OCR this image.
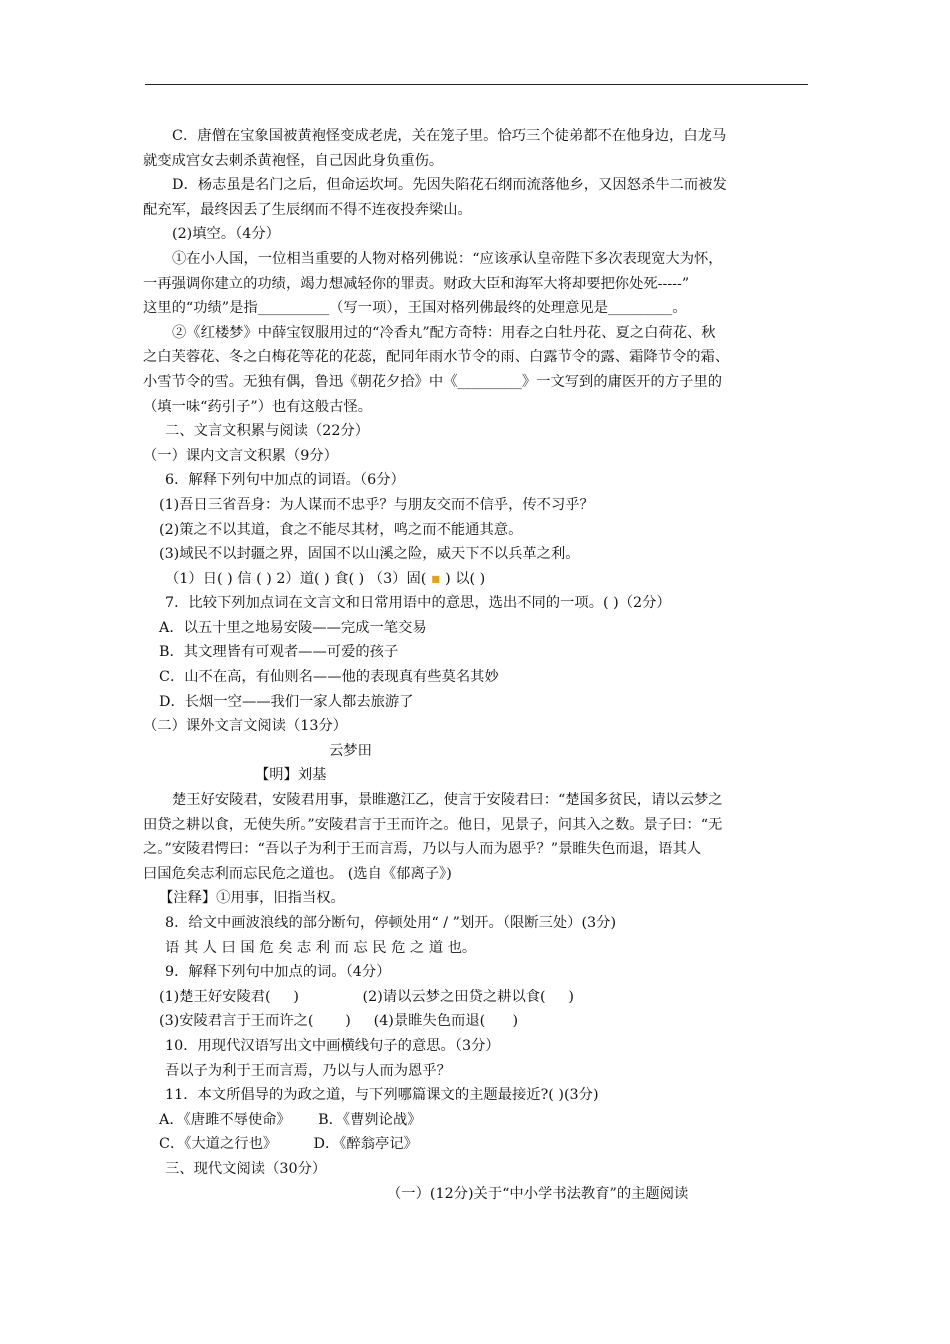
C．唐僧在宝象国被黄袍怪变成老虎，关在笼子里。恰巧三个徒弟都不在他身边，白龙马

就变成宫女去刺杀黄袍怪，自己因此身负重伤。

D．杨志虽是名门之后，但命运坎坷。先因失陷花石纲而流落他乡，又因怒杀牛二而被发

配充军，最终因丢了生辰纲而不得不连夜投奔梁山。

(2)填空。（4分）

①在小人国，一位相当重要的人物对格列佛说：“应该承认皇帝陛下多次表现宽大为怀，

一再强调你建立的功绩，竭力想减轻你的罪责。财政大臣和海军大将却要把你处死-----”

这里的“功绩”是指__________（写一项），王国对格列佛最终的处理意见是_________。

②《红楼梦》中薛宝钗服用过的“冷香丸”配方奇特：用春之白牡丹花、夏之白荷花、秋

之白芙蓉花、冬之白梅花等花的花蕊，配同年雨水节令的雨、白露节令的露、霜降节令的霜、

小雪节令的雪。无独有偶，鲁迅《朝花夕拾》中《_________》一文写到的庸医开的方子里的

（填一味“药引子”）也有这般古怪。

二、文言文积累与阅读（22分）

（一）课内文言文积累（9分）

6．解释下列句中加点的词语。（6分）

(1)吾日三省吾身：为人谋而不忠乎？与朋友交而不信乎，传不习乎？

(2)策之不以其道，食之不能尽其材，鸣之而不能通其意。

(3)域民不以封疆之界，固国不以山溪之险，威天下不以兵革之利。

（1）日( ) 信 ( ) 2）道( ) 食( ) （3）固( ▪ ) 以( )

7．比较下列加点词在文言文和日常用语中的意思，选出不同的一项。( )（2分）

A．以五十里之地易安陵——完成一笔交易

B．其文理皆有可观者——可爱的孩子

C．山不在高，有仙则名——他的表现真有些莫名其妙

D．长烟一空——我们一家人都去旅游了

（二）课外文言文阅读（13分）

云梦田

【明】刘基

楚王好安陵君，安陵君用事，景睢邀江乙，使言于安陵君曰：“楚国多贫民，请以云梦之

田贷之耕以食，无使失所。”安陵君言于王而许之。他日，见景子，问其入之数。景子曰：“无

之。”安陵君愕曰：“吾以子为利于王而言焉，乃以与人而为恩乎？”景睢失色而退，语其人

曰国危矣志利而忘民危之道也。 (选自《郁离子》)

【注释】①用事，旧指当权。

8．给文中画波浪线的部分断句，停顿处用“ / ”划开。（限断三处）(3分)

语 其 人 曰 国 危 矣 志 利 而 忘 民 危 之 道 也。

9．解释下列句中加点的词。（4分）

(1)楚王好安陵君(     )              (2)请以云梦之田贷之耕以食(     )

(3)安陵君言于王而许之(       )     (4)景睢失色而退(      )

10．用现代汉语写出文中画横线句子的意思。（3分）

吾以子为利于王而言焉，乃以与人而为恩乎？

11．本文所倡导的为政之道，与下列哪篇课文的主题最接近?( )(3分)

A．《唐雎不辱使命》      B．《曹刿论战》

C．《大道之行也》        D．《醉翁亭记》

三、现代文阅读（30分）

（一）(12分)关于“中小学书法教育”的主题阅读
